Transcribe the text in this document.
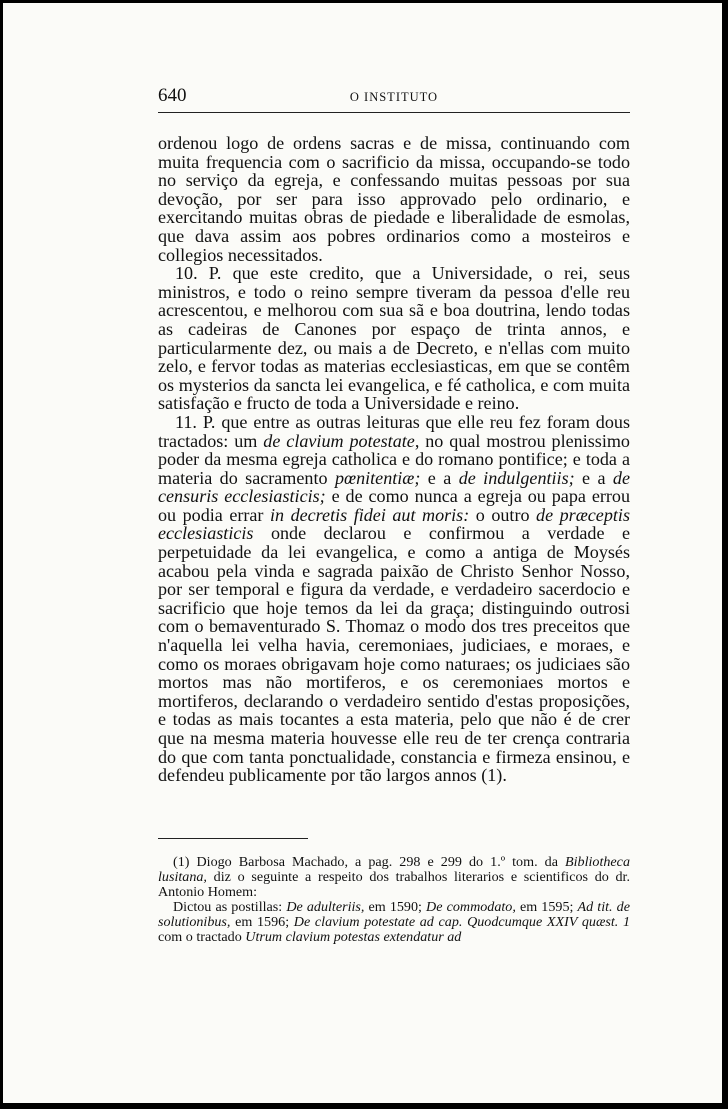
640	O INSTITUTO

ordenou logo de ordens sacras e de missa, continuando com muita frequencia com o sacrificio da missa, occupando-se todo no serviço da egreja, e confessando muitas pessoas por sua devoção, por ser para isso approvado pelo ordinario, e exercitando muitas obras de piedade e liberalidade de esmolas, que dava assim aos pobres ordinarios como a mosteiros e collegios necessitados.

10. P. que este credito, que a Universidade, o rei, seus ministros, e todo o reino sempre tiveram da pessoa d'elle reu acrescentou, e melhorou com sua sã e boa doutrina, lendo todas as cadeiras de Canones por espaço de trinta annos, e particularmente dez, ou mais a de Decreto, e n'ellas com muito zelo, e fervor todas as materias ecclesiasticas, em que se contêm os mysterios da sancta lei evangelica, e fé catholica, e com muita satisfação e fructo de toda a Universidade e reino.

11. P. que entre as outras leituras que elle reu fez foram dous tractados: um de clavium potestate, no qual mostrou plenissimo poder da mesma egreja catholica e do romano pontifice; e toda a materia do sacramento pœnitentiæ; e a de indulgentiis; e a de censuris ecclesiasticis; e de como nunca a egreja ou papa errou ou podia errar in decretis fidei aut moris: o outro de præceptis ecclesiasticis onde declarou e confirmou a verdade e perpetuidade da lei evangelica, e como a antiga de Moysés acabou pela vinda e sagrada paixão de Christo Senhor Nosso, por ser temporal e figura da verdade, e verdadeiro sacerdocio e sacrificio que hoje temos da lei da graça; distinguindo outrosi com o bemaventurado S. Thomaz o modo dos tres preceitos que n'aquella lei velha havia, ceremoniaes, judiciaes, e moraes, e como os moraes obrigavam hoje como naturaes; os judiciaes são mortos mas não mortiferos, e os ceremoniaes mortos e mortiferos, declarando o verdadeiro sentido d'estas proposições, e todas as mais tocantes a esta materia, pelo que não é de crer que na mesma materia houvesse elle reu de ter crença contraria do que com tanta ponctualidade, constancia e firmeza ensinou, e defendeu publicamente por tão largos annos (1).

(1) Diogo Barbosa Machado, a pag. 298 e 299 do 1.º tom. da Bibliotheca lusitana, diz o seguinte a respeito dos trabalhos literarios e scientificos do dr. Antonio Homem:

Dictou as postillas: De adulteriis, em 1590; De commodato, em 1595; Ad tit. de solutionibus, em 1596; De clavium potestate ad cap. Quodcumque XXIV quæst. 1 com o tractado Utrum clavium potestas extendatur ad
